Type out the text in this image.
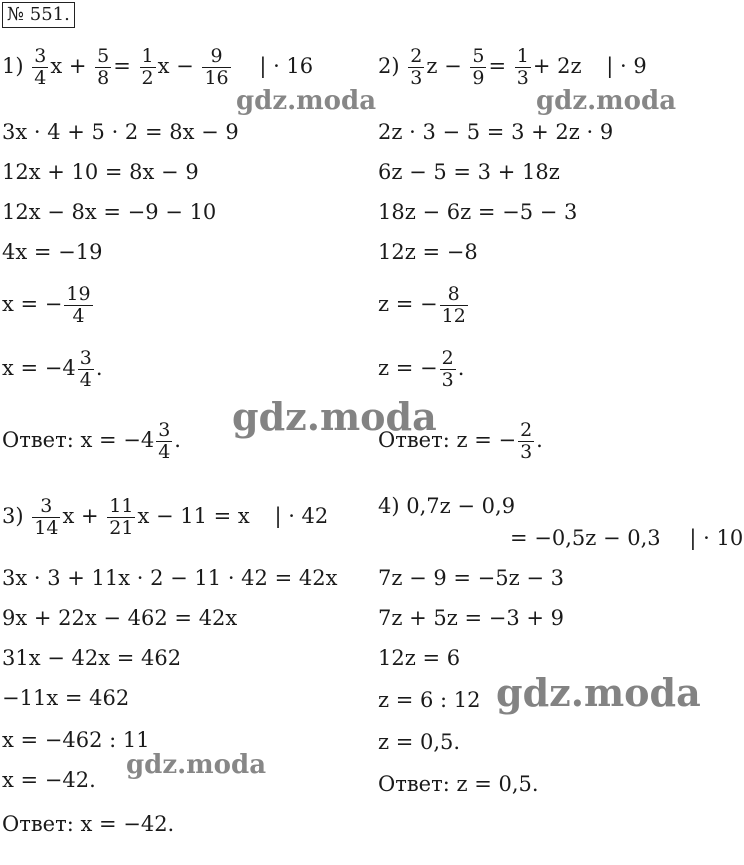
№ 551.
$1) \frac{3}{4}$ $x + \frac{5}{8} = \frac{1}{2}$ $x - \frac{9}{16}$ | · 16
3x · 4 + 5 · 2 = 8x − 9
12x + 10 = 8x − 9
12x − 8x = −9 − 10
4x = −19
x = − $\frac{19}{4}$
$x = -4 \frac{3}{4}$ .
Ответ: $x = -4 \frac{3}{4}$ .
$2) \frac{2}{3}$ $z - \frac{5}{9} = \frac{1}{3} + 2z$ | · 9
2z · 3 − 5 = 3 + 2z · 9
6z − 5 = 3 + 18z
18z − 6z = −5 − 3
12z = −8
z = − $\frac{8}{12}$
z = − $\frac{2}{3}$ .
Ответ: z = − $\frac{2}{3}$ .
$3) \frac{3}{14}$ $x + \frac{11}{21}$ x − 11 = x | · 42
3x · 3 + 11x · 2 − 11 · 42 = 42x
9x + 22x − 462 = 42x
31x − 42x = 462
−11x = 462
x = −462 : 11
x = −42.
Ответ: x = −42.
4) 0,7z − 0,9
= −0,5z − 0,3 | · 10
7z − 9 = −5z − 3
7z + 5z = −3 + 9
12z = 6
z = 6 : 12
z = 0,5.
Ответ: z = 0,5.
gdz.moda	gdz.moda
gdz.moda
gdz.moda
gdz.moda
